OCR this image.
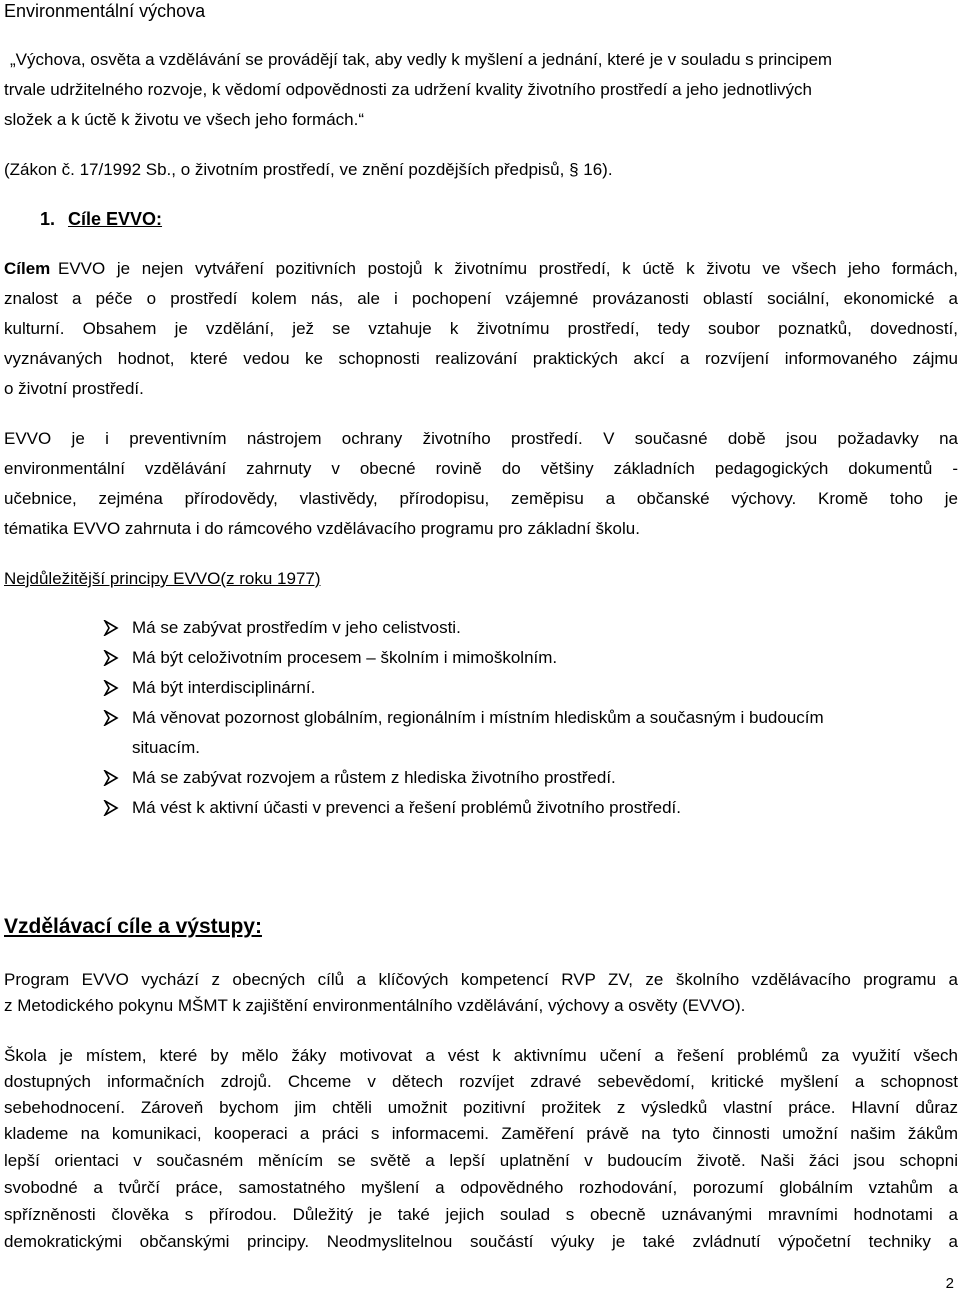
Environmentální výchova
„Výchova, osvěta a vzdělávání se provádějí tak, aby vedly k myšlení a jednání, které je v souladu s principem
trvale udržitelného rozvoje, k vědomí odpovědnosti za udržení kvality životního prostředí a jeho jednotlivých
složek a k úctě k životu ve všech jeho formách.“
(Zákon č. 17/1992 Sb., o životním prostředí, ve znění pozdějších předpisů, § 16).
1. Cíle EVVO:
Cílem EVVO je nejen vytváření pozitivních postojů k životnímu prostředí, k úctě k životu ve všech jeho formách,
znalost a péče o prostředí kolem nás, ale i pochopení vzájemné provázanosti oblastí sociální, ekonomické a
kulturní. Obsahem je vzdělání, jež se vztahuje k životnímu prostředí, tedy soubor poznatků, dovedností,
vyznávaných hodnot, které vedou ke schopnosti realizování praktických akcí a rozvíjení informovaného zájmu
o životní prostředí.
EVVO je i preventivním nástrojem ochrany životního prostředí. V současné době jsou požadavky na
environmentální vzdělávání zahrnuty v obecné rovině do většiny základních pedagogických dokumentů -
učebnice, zejména přírodovědy, vlastivědy, přírodopisu, zeměpisu a občanské výchovy. Kromě toho je
tématika EVVO zahrnuta i do rámcového vzdělávacího programu pro základní školu.
Nejdůležitější principy EVVO(z roku 1977)
Má se zabývat prostředím v jeho celistvosti.
Má být celoživotním procesem – školním i mimoškolním.
Má být interdisciplinární.
Má věnovat pozornost globálním, regionálním i místním hlediskům a současným i budoucím
situacím.
Má se zabývat rozvojem a růstem z hlediska životního prostředí.
Má vést k aktivní účasti v prevenci a řešení problémů životního prostředí.
Vzdělávací cíle a výstupy:
Program EVVO vychází z obecných cílů a klíčových kompetencí RVP ZV, ze školního vzdělávacího programu a
z Metodického pokynu MŠMT k zajištění environmentálního vzdělávání, výchovy a osvěty (EVVO).
Škola je místem, které by mělo žáky motivovat a vést k aktivnímu učení a řešení problémů za využití všech
dostupných informačních zdrojů. Chceme v dětech rozvíjet zdravé sebevědomí, kritické myšlení a schopnost
sebehodnocení. Zároveň bychom jim chtěli umožnit pozitivní prožitek z výsledků vlastní práce. Hlavní důraz
klademe na komunikaci, kooperaci a práci s informacemi. Zaměření právě na tyto činnosti umožní našim žákům
lepší orientaci v současném měnícím se světě a lepší uplatnění v budoucím životě. Naši žáci jsou schopni
svobodné a tvůrčí práce, samostatného myšlení a odpovědného rozhodování, porozumí globálním vztahům a
spřízněnosti člověka s přírodou. Důležitý je také jejich soulad s obecně uznávanými mravními hodnotami a
demokratickými občanskými principy. Neodmyslitelnou součástí výuky je také zvládnutí výpočetní techniky a
2
